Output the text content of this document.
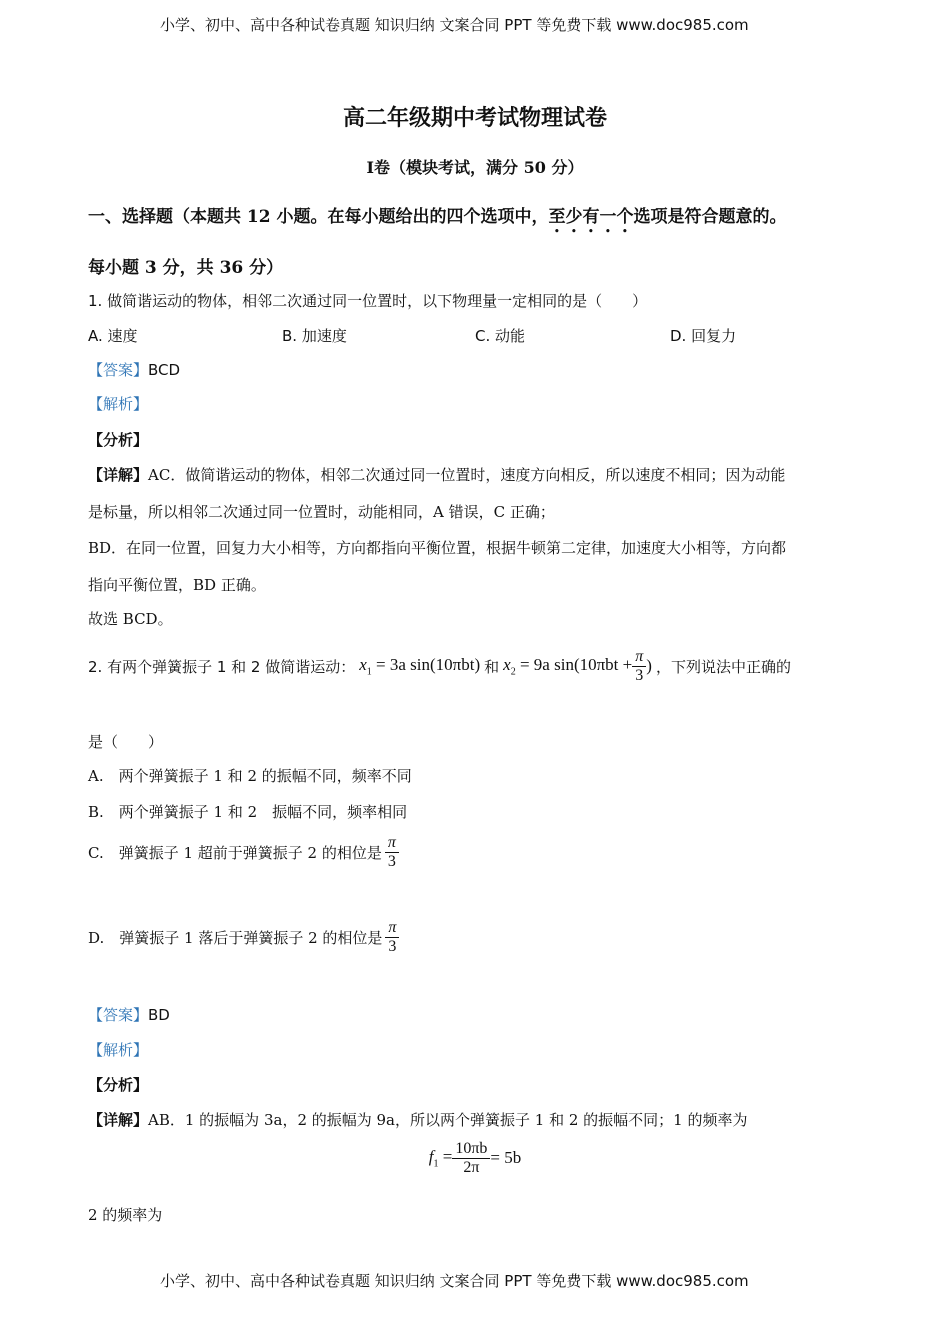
小学、初中、高中各种试卷真题 知识归纳 文案合同 PPT 等免费下载 www.doc985.com
高二年级期中考试物理试卷
Ⅰ卷（模块考试，满分 50 分）
一、选择题（本题共 12 小题。在每小题给出的四个选项中，至少有一个选项是符合题意的。
每小题 3 分，共 36 分）
1. 做简谐运动的物体，相邻二次通过同一位置时，以下物理量一定相同的是（　　）
A. 速度	B. 加速度	C. 动能	D. 回复力
【答案】BCD
【解析】
【分析】
【详解】AC．做简谐运动的物体，相邻二次通过同一位置时，速度方向相反，所以速度不相同；因为动能
是标量，所以相邻二次通过同一位置时，动能相同，A 错误，C 正确；
BD．在同一位置，回复力大小相等，方向都指向平衡位置，根据牛顿第二定律，加速度大小相等，方向都
指向平衡位置，BD 正确。
故选 BCD。
2. 有两个弹簧振子 1 和 2 做简谐运动： $x_1 = 3a$ sin(10πbt) 和 $x_2 = 9a$ $\sin(10\pi bt + \frac{\pi}{3}$ ) ，下列说法中正确的
是（　　）
A.　两个弹簧振子 1 和 2 的振幅不同，频率不同
B.　两个弹簧振子 1 和 2　振幅不同，频率相同
C.　弹簧振子 1 超前于弹簧振子 2 的相位是 $\frac{\pi}{3}$
D.　弹簧振子 1 落后于弹簧振子 2 的相位是 $\frac{\pi}{3}$
【答案】BD
【解析】
【分析】
【详解】AB．1 的振幅为 3a，2 的振幅为 9a，所以两个弹簧振子 1 和 2 的振幅不同；1 的频率为
$f_1 = \frac{10\pi b}{2\pi} = 5b$
2 的频率为
小学、初中、高中各种试卷真题 知识归纳 文案合同 PPT 等免费下载 www.doc985.com
